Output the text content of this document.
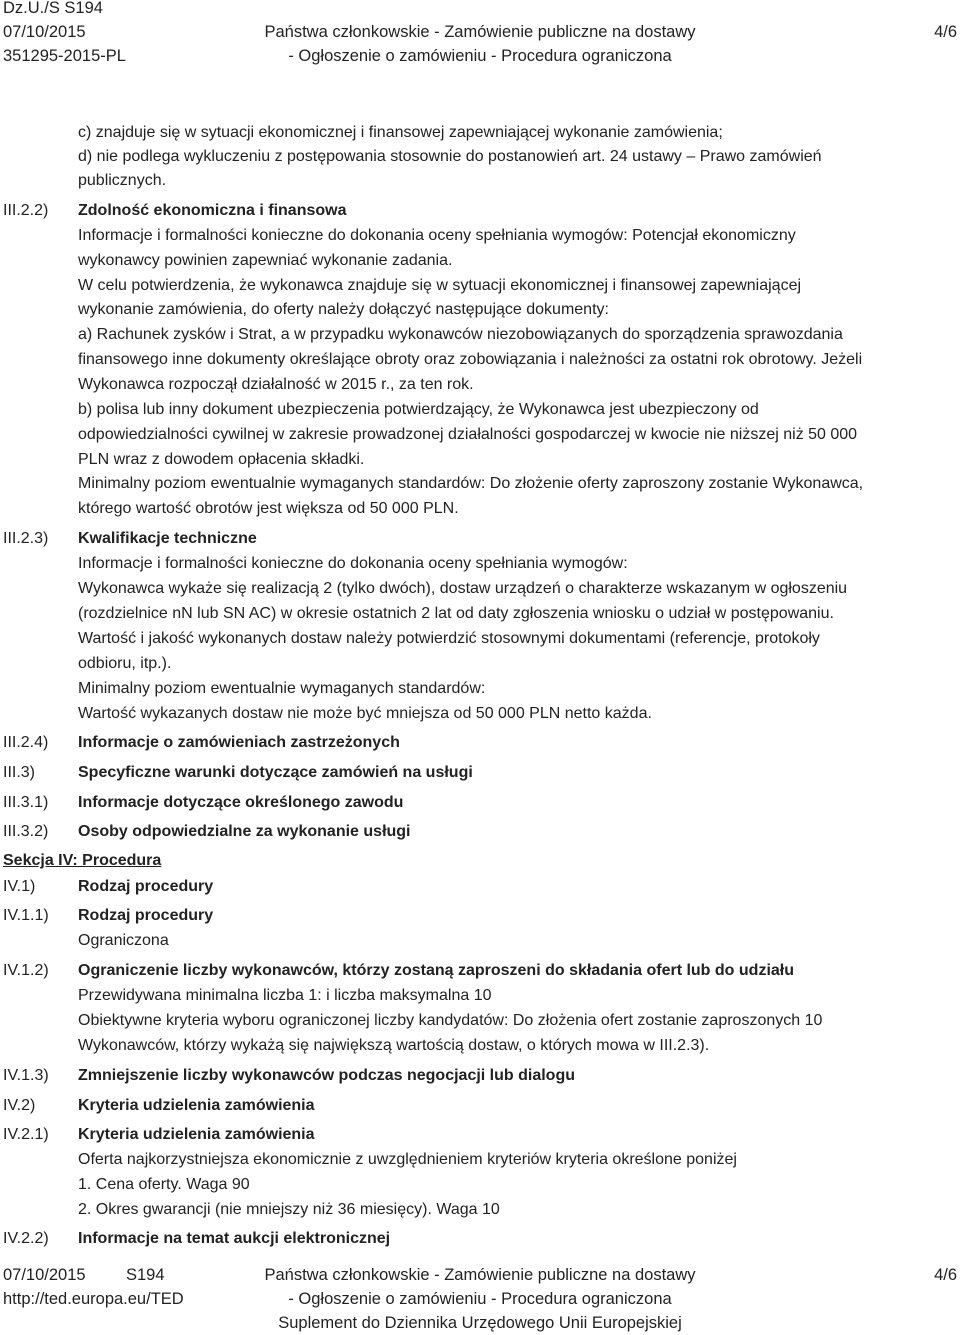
Dz.U./S S194
07/10/2015
351295-2015-PL
Państwa członkowskie - Zamówienie publiczne na dostawy
- Ogłoszenie o zamówieniu - Procedura ograniczona
4/6
c) znajduje się w sytuacji ekonomicznej i finansowej zapewniającej wykonanie zamówienia;
d) nie podlega wykluczeniu z postępowania stosownie do postanowień art. 24 ustawy – Prawo zamówień
publicznych.
III.2.2) Zdolność ekonomiczna i finansowa
Informacje i formalności konieczne do dokonania oceny spełniania wymogów: Potencjał ekonomiczny
wykonawcy powinien zapewniać wykonanie zadania.
W celu potwierdzenia, że wykonawca znajduje się w sytuacji ekonomicznej i finansowej zapewniającej
wykonanie zamówienia, do oferty należy dołączyć następujące dokumenty:
a) Rachunek zysków i Strat, a w przypadku wykonawców niezobowiązanych do sporządzenia sprawozdania
finansowego inne dokumenty określające obroty oraz zobowiązania i należności za ostatni rok obrotowy. Jeżeli
Wykonawca rozpoczął działalność w 2015 r., za ten rok.
b) polisa lub inny dokument ubezpieczenia potwierdzający, że Wykonawca jest ubezpieczony od
odpowiedzialności cywilnej w zakresie prowadzonej działalności gospodarczej w kwocie nie niższej niż 50 000
PLN wraz z dowodem opłacenia składki.
Minimalny poziom ewentualnie wymaganych standardów: Do złożenie oferty zaproszony zostanie Wykonawca,
którego wartość obrotów jest większa od 50 000 PLN.
III.2.3) Kwalifikacje techniczne
Informacje i formalności konieczne do dokonania oceny spełniania wymogów:
Wykonawca wykaże się realizacją 2 (tylko dwóch), dostaw urządzeń o charakterze wskazanym w ogłoszeniu
(rozdzielnice nN lub SN AC) w okresie ostatnich 2 lat od daty zgłoszenia wniosku o udział w postępowaniu.
Wartość i jakość wykonanych dostaw należy potwierdzić stosownymi dokumentami (referencje, protokoły
odbioru, itp.).
Minimalny poziom ewentualnie wymaganych standardów:
Wartość wykazanych dostaw nie może być mniejsza od 50 000 PLN netto każda.
III.2.4) Informacje o zamówieniach zastrzeżonych
III.3)	Specyficzne warunki dotyczące zamówień na usługi
III.3.1) Informacje dotyczące określonego zawodu
III.3.2) Osoby odpowiedzialne za wykonanie usługi
Sekcja IV: Procedura
IV.1)	Rodzaj procedury
IV.1.1) Rodzaj procedury
Ograniczona
IV.1.2) Ograniczenie liczby wykonawców, którzy zostaną zaproszeni do składania ofert lub do udziału
Przewidywana minimalna liczba 1: i liczba maksymalna 10
Obiektywne kryteria wyboru ograniczonej liczby kandydatów: Do złożenia ofert zostanie zaproszonych 10
Wykonawców, którzy wykażą się największą wartością dostaw, o których mowa w III.2.3).
IV.1.3) Zmniejszenie liczby wykonawców podczas negocjacji lub dialogu
IV.2)	Kryteria udzielenia zamówienia
IV.2.1) Kryteria udzielenia zamówienia
Oferta najkorzystniejsza ekonomicznie z uwzględnieniem kryteriów kryteria określone poniżej
1. Cena oferty. Waga 90
2. Okres gwarancji (nie mniejszy niż 36 miesięcy). Waga 10
IV.2.2) Informacje na temat aukcji elektronicznej
07/10/2015 S194
http://ted.europa.eu/TED
Państwa członkowskie - Zamówienie publiczne na dostawy
- Ogłoszenie o zamówieniu - Procedura ograniczona
Suplement do Dziennika Urzędowego Unii Europejskiej
4/6
